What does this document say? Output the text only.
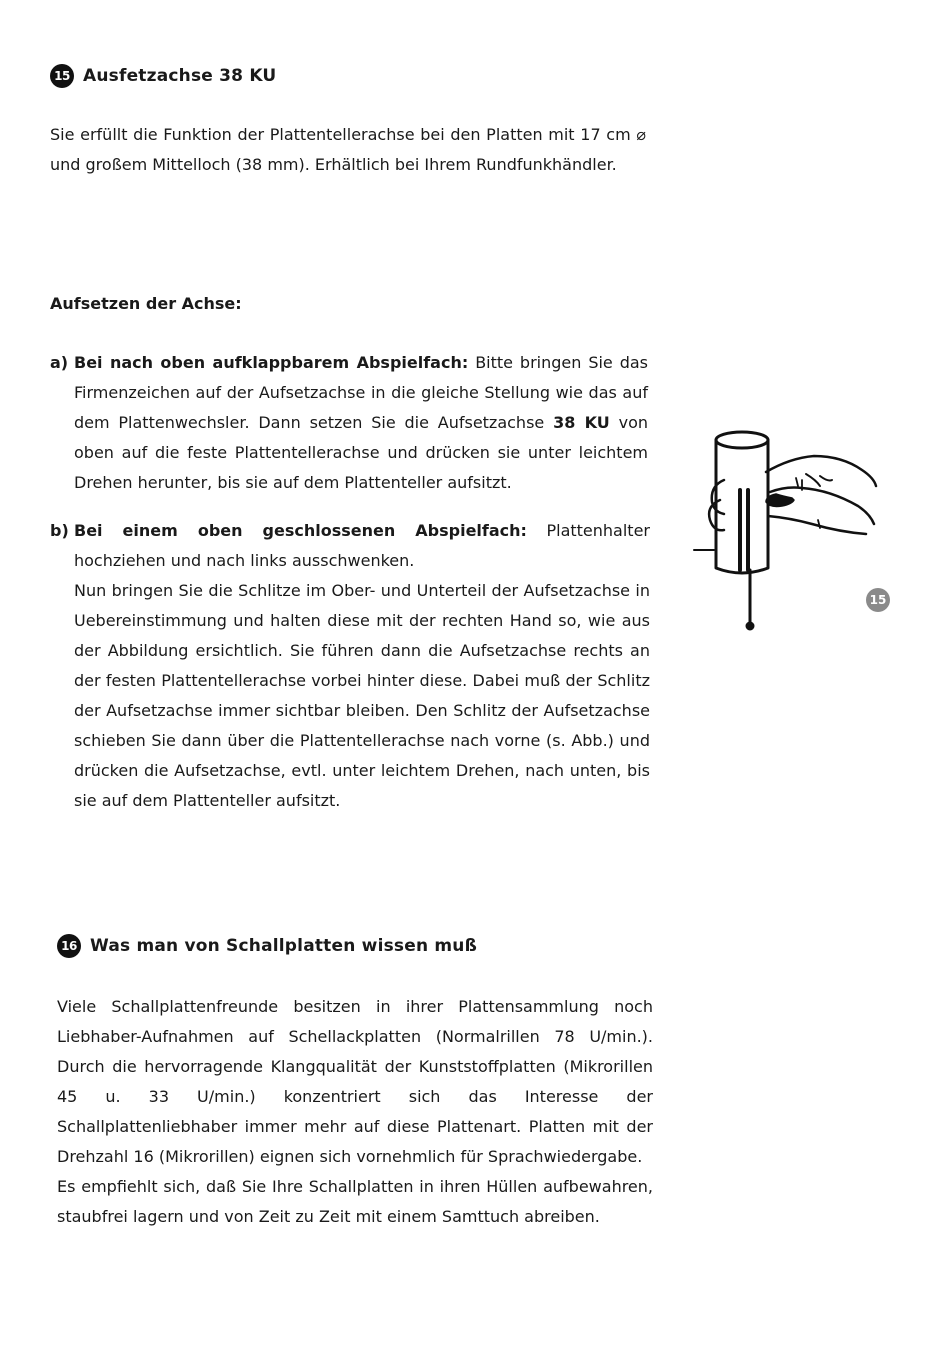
15 Ausfetzachse 38 KU
Sie erfüllt die Funktion der Plattentellerachse bei den Platten mit 17 cm ⌀ und großem Mittelloch (38 mm). Erhältlich bei Ihrem Rundfunkhändler.
Aufsetzen der Achse:
a) Bei nach oben aufklappbarem Abspielfach: Bitte bringen Sie das Firmenzeichen auf der Aufsetzachse in die gleiche Stellung wie das auf dem Plattenwechsler. Dann setzen Sie die Aufsetzachse 38 KU von oben auf die feste Plattentellerachse und drücken sie unter leichtem Drehen herunter, bis sie auf dem Plattenteller aufsitzt.
b) Bei einem oben geschlossenen Abspielfach: Plattenhalter hochziehen und nach links ausschwenken.
Nun bringen Sie die Schlitze im Ober- und Unterteil der Aufsetzachse in Uebereinstimmung und halten diese mit der rechten Hand so, wie aus der Abbildung ersichtlich. Sie führen dann die Aufsetzachse rechts an der festen Plattentellerachse vorbei hinter diese. Dabei muß der Schlitz der Aufsetzachse immer sichtbar bleiben. Den Schlitz der Aufsetzachse schieben Sie dann über die Plattentellerachse nach vorne (s. Abb.) und drücken die Aufsetzachse, evtl. unter leichtem Drehen, nach unten, bis sie auf dem Plattenteller aufsitzt.
15
16 Was man von Schallplatten wissen muß
Viele Schallplattenfreunde besitzen in ihrer Plattensammlung noch Liebhaber-Aufnahmen auf Schellackplatten (Normalrillen 78 U/min.). Durch die hervorragende Klangqualität der Kunststoffplatten (Mikrorillen 45 u. 33 U/min.) konzentriert sich das Interesse der Schallplattenliebhaber immer mehr auf diese Plattenart. Platten mit der Drehzahl 16 (Mikrorillen) eignen sich vornehmlich für Sprachwiedergabe.
Es empfiehlt sich, daß Sie Ihre Schallplatten in ihren Hüllen aufbewahren, staubfrei lagern und von Zeit zu Zeit mit einem Samttuch abreiben.
